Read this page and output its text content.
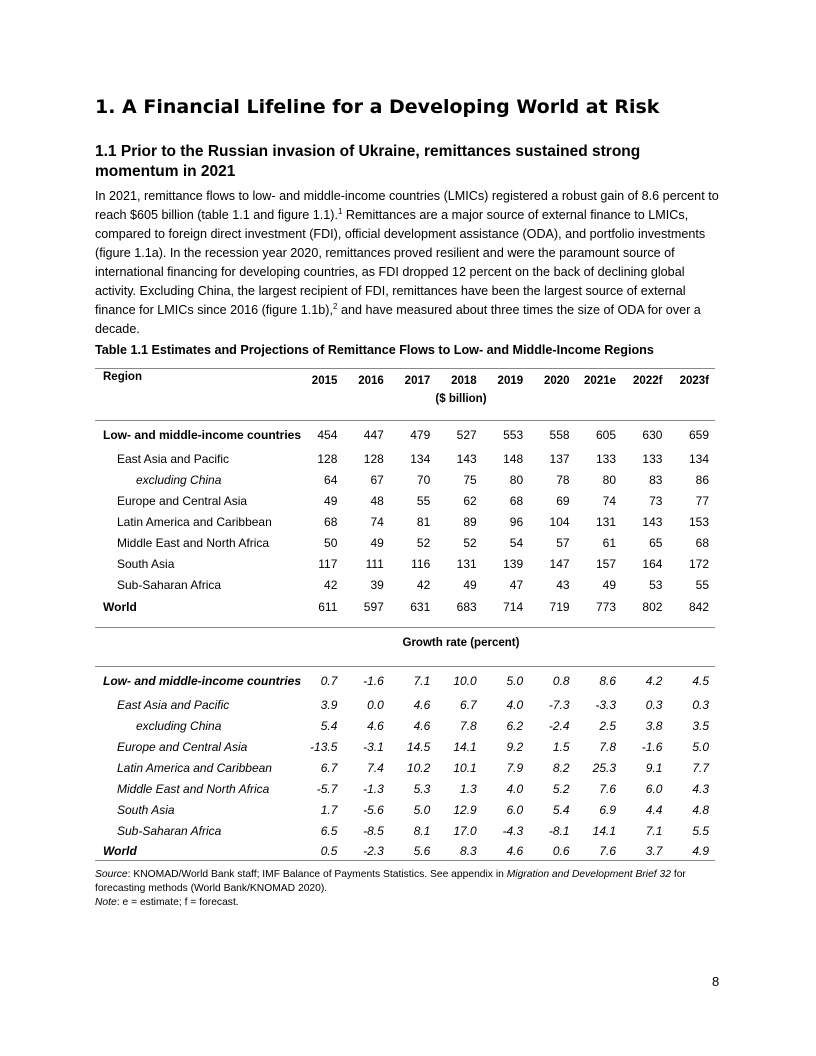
1. A Financial Lifeline for a Developing World at Risk
1.1 Prior to the Russian invasion of Ukraine, remittances sustained strong momentum in 2021

In 2021, remittance flows to low- and middle-income countries (LMICs) registered a robust gain of 8.6 percent to reach $605 billion (table 1.1 and figure 1.1).$^1$ Remittances are a major source of external finance to LMICs, compared to foreign direct investment (FDI), official development assistance (ODA), and portfolio investments (figure 1.1a). In the recession year 2020, remittances proved resilient and were the paramount source of international financing for developing countries, as FDI dropped 12 percent on the back of declining global activity. Excluding China, the largest recipient of FDI, remittances have been the largest source of external finance for LMICs since 2016 (figure 1.1b),$^2$ and have measured about three times the size of ODA for over a decade.

Table 1.1 Estimates and Projections of Remittance Flows to Low- and Middle-Income Regions

Region	2015	2016	2017	2018	2019	2020	2021e	2022f	2023f
	($ billion)								

Low- and middle-income countries	454	447	479	527	553	558	605	630	659
East Asia and Pacific	128	128	134	143	148	137	133	133	134
excluding China	64	67	70	75	80	78	80	83	86
Europe and Central Asia	49	48	55	62	68	69	74	73	77
Latin America and Caribbean	68	74	81	89	96	104	131	143	153
Middle East and North Africa	50	49	52	52	54	57	61	65	68
South Asia	117	111	116	131	139	147	157	164	172
Sub-Saharan Africa	42	39	42	49	47	43	49	53	55
World	611	597	631	683	714	719	773	802	842

	Growth rate (percent)								

Low- and middle-income countries	0.7	-1.6	7.1	10.0	5.0	0.8	8.6	4.2	4.5
East Asia and Pacific	3.9	0.0	4.6	6.7	4.0	-7.3	-3.3	0.3	0.3
excluding China	5.4	4.6	4.6	7.8	6.2	-2.4	2.5	3.8	3.5
Europe and Central Asia	-13.5	-3.1	14.5	14.1	9.2	1.5	7.8	-1.6	5.0
Latin America and Caribbean	6.7	7.4	10.2	10.1	7.9	8.2	25.3	9.1	7.7
Middle East and North Africa	-5.7	-1.3	5.3	1.3	4.0	5.2	7.6	6.0	4.3
South Asia	1.7	-5.6	5.0	12.9	6.0	5.4	6.9	4.4	4.8
Sub-Saharan Africa	6.5	-8.5	8.1	17.0	-4.3	-8.1	14.1	7.1	5.5
World	0.5	-2.3	5.6	8.3	4.6	0.6	7.6	3.7	4.9

Source: KNOMAD/World Bank staff; IMF Balance of Payments Statistics. See appendix in Migration and Development Brief 32 for forecasting methods (World Bank/KNOMAD 2020).

Note: e = estimate; f = forecast.

8
